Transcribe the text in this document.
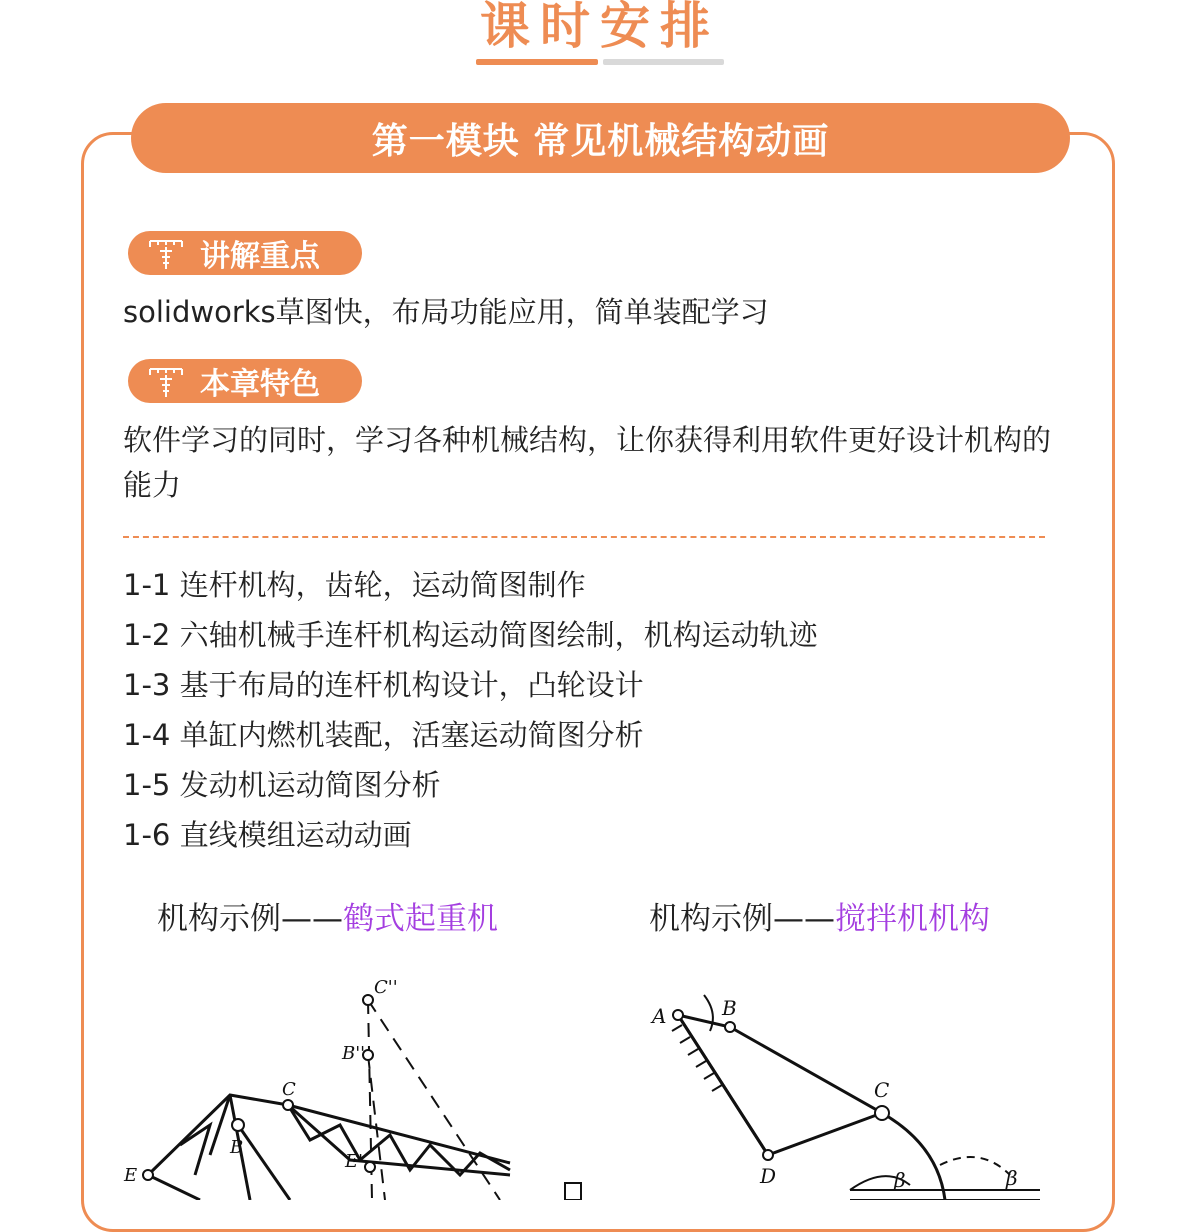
课时安排
第一模块 常见机械结构动画
讲解重点
solidworks草图快，布局功能应用，简单装配学习
本章特色
软件学习的同时，学习各种机械结构，让你获得利用软件更好设计机构的能力
1-1 连杆机构，齿轮，运动简图制作
1-2 六轴机械手连杆机构运动简图绘制，机构运动轨迹
1-3 基于布局的连杆机构设计，凸轮设计
1-4 单缸内燃机装配，活塞运动简图分析
1-5 发动机运动简图分析
1-6 直线模组运动动画
机构示例——鹤式起重机	机构示例——搅拌机机构
C''
B''
C
B
E
E'
A	B
C
D	β	β
